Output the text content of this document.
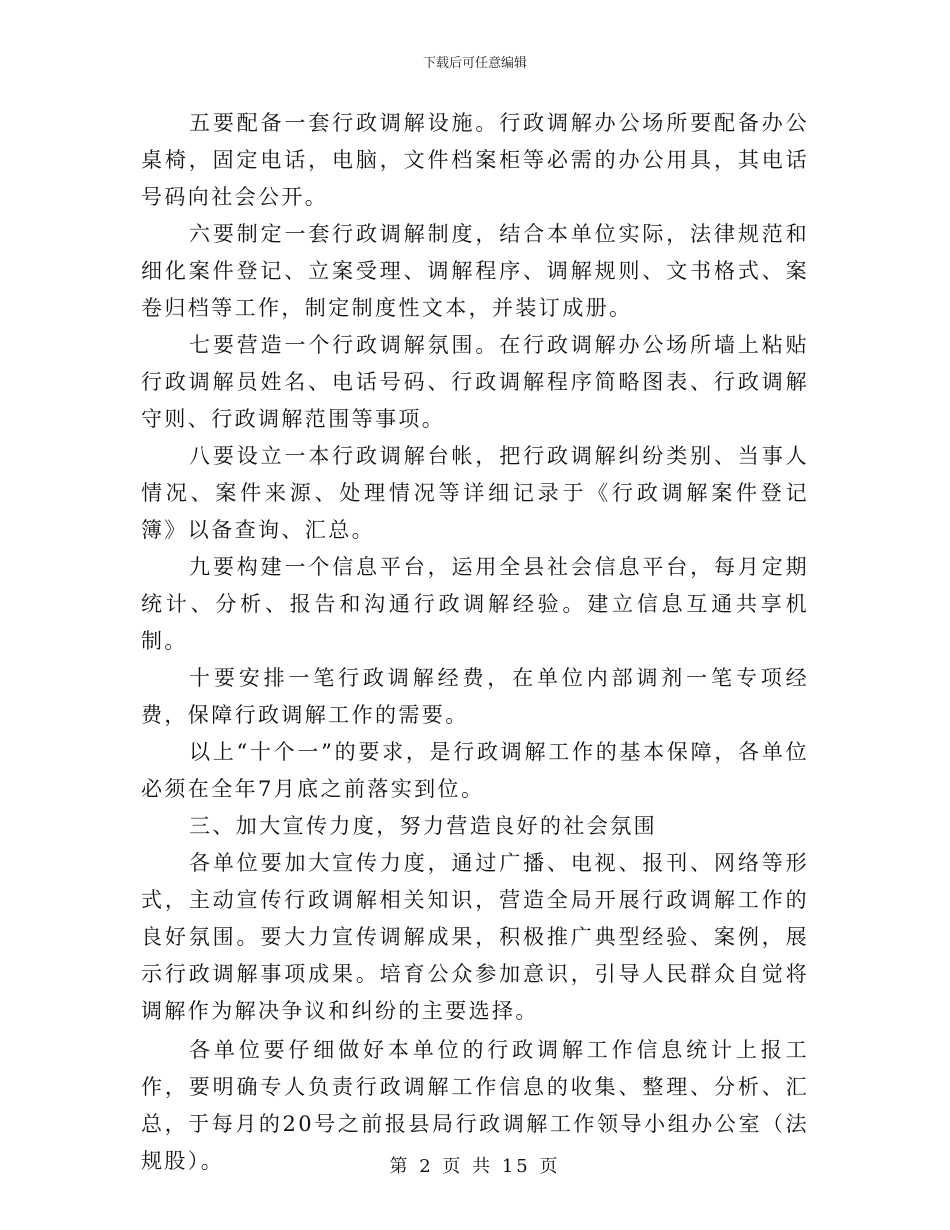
下载后可任意编辑

五要配备一套行政调解设施。行政调解办公场所要配备办公桌椅，固定电话，电脑，文件档案柜等必需的办公用具，其电话号码向社会公开。

六要制定一套行政调解制度，结合本单位实际，法律规范和细化案件登记、立案受理、调解程序、调解规则、文书格式、案卷归档等工作，制定制度性文本，并装订成册。

七要营造一个行政调解氛围。在行政调解办公场所墙上粘贴行政调解员姓名、电话号码、行政调解程序简略图表、行政调解守则、行政调解范围等事项。

八要设立一本行政调解台帐，把行政调解纠纷类别、当事人情况、案件来源、处理情况等详细记录于《行政调解案件登记簿》以备查询、汇总。

九要构建一个信息平台，运用全县社会信息平台，每月定期统计、分析、报告和沟通行政调解经验。建立信息互通共享机制。

十要安排一笔行政调解经费，在单位内部调剂一笔专项经费，保障行政调解工作的需要。

以上“十个一”的要求，是行政调解工作的基本保障，各单位必须在全年7月底之前落实到位。

三、加大宣传力度，努力营造良好的社会氛围

各单位要加大宣传力度，通过广播、电视、报刊、网络等形式，主动宣传行政调解相关知识，营造全局开展行政调解工作的良好氛围。要大力宣传调解成果，积极推广典型经验、案例，展示行政调解事项成果。培育公众参加意识，引导人民群众自觉将调解作为解决争议和纠纷的主要选择。

各单位要仔细做好本单位的行政调解工作信息统计上报工作，要明确专人负责行政调解工作信息的收集、整理、分析、汇总，于每月的20号之前报县局行政调解工作领导小组办公室（法规股）。	第 2 页 共 15 页
